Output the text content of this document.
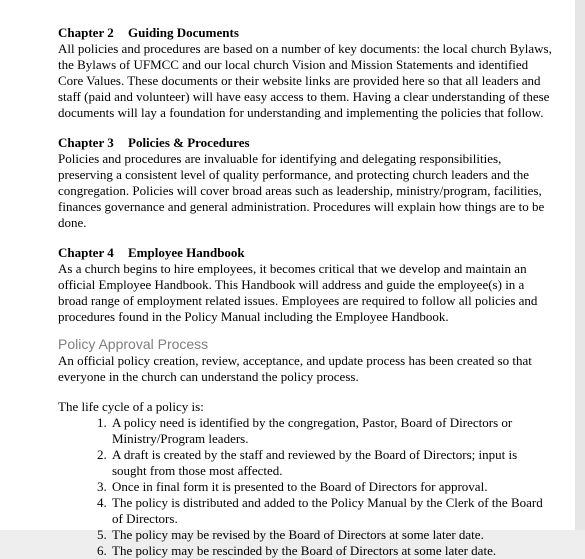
Chapter 2 Guiding Documents

All policies and procedures are based on a number of key documents: the local church Bylaws, the Bylaws of UFMCC and our local church Vision and Mission Statements and identified Core Values. These documents or their website links are provided here so that all leaders and staff (paid and volunteer) will have easy access to them. Having a clear understanding of these documents will lay a foundation for understanding and implementing the policies that follow.

Chapter 3 Policies & Procedures

Policies and procedures are invaluable for identifying and delegating responsibilities, preserving a consistent level of quality performance, and protecting church leaders and the congregation. Policies will cover broad areas such as leadership, ministry/program, facilities, finances governance and general administration. Procedures will explain how things are to be done.

Chapter 4 Employee Handbook

As a church begins to hire employees, it becomes critical that we develop and maintain an official Employee Handbook. This Handbook will address and guide the employee(s) in a broad range of employment related issues. Employees are required to follow all policies and procedures found in the Policy Manual including the Employee Handbook.

Policy Approval Process

An official policy creation, review, acceptance, and update process has been created so that everyone in the church can understand the policy process.

The life cycle of a policy is:

1. A policy need is identified by the congregation, Pastor, Board of Directors or Ministry/Program leaders.
2. A draft is created by the staff and reviewed by the Board of Directors; input is sought from those most affected.
3. Once in final form it is presented to the Board of Directors for approval.
4. The policy is distributed and added to the Policy Manual by the Clerk of the Board of Directors.
5. The policy may be revised by the Board of Directors at some later date.
6. The policy may be rescinded by the Board of Directors at some later date.
